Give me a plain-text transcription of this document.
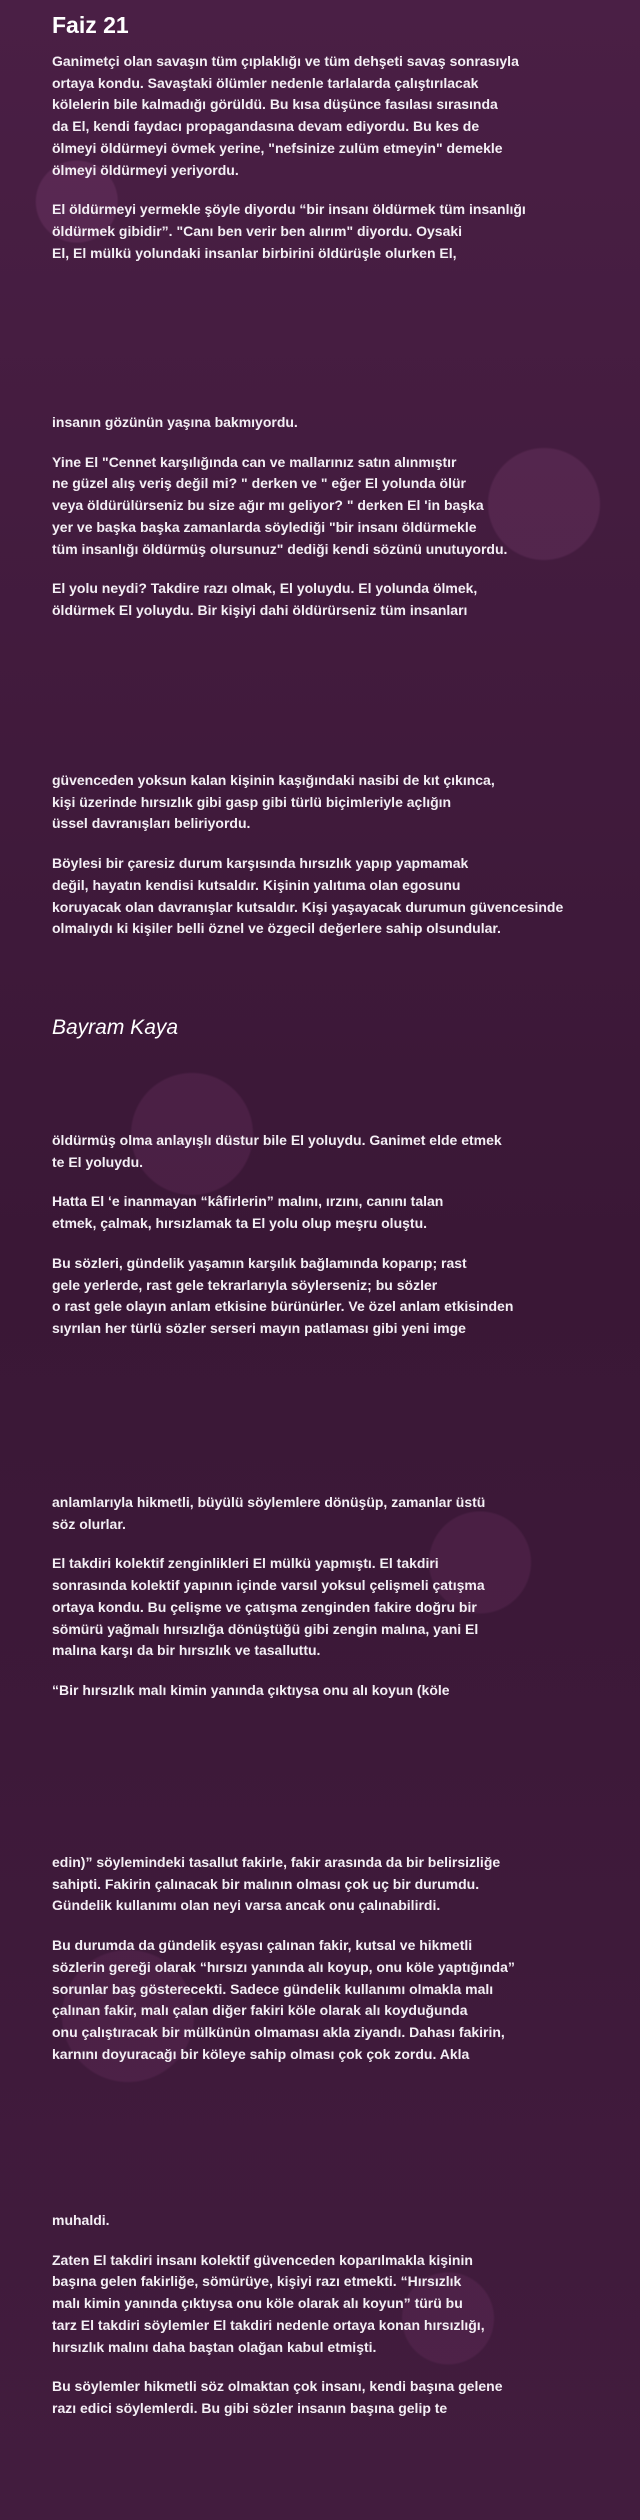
Faiz 21
Ganimetçi olan savaşın tüm çıplaklığı ve tüm dehşeti savaş sonrasıyla
ortaya kondu. Savaştaki ölümler nedenle tarlalarda çalıştırılacak
kölelerin bile kalmadığı görüldü. Bu kısa düşünce fasılası sırasında
da El, kendi faydacı propagandasına devam ediyordu. Bu kes de
ölmeyi öldürmeyi övmek yerine, "nefsinize zulüm etmeyin" demekle
ölmeyi öldürmeyi yeriyordu.
El öldürmeyi yermekle şöyle diyordu “bir insanı öldürmek tüm insanlığı
öldürmek gibidir”. "Canı ben verir ben alırım" diyordu. Oysaki
El, El mülkü yolundaki insanlar birbirini öldürüşle olurken El,
insanın gözünün yaşına bakmıyordu.
Yine El "Cennet karşılığında can ve mallarınız satın alınmıştır
ne güzel alış veriş değil mi? " derken ve " eğer El yolunda ölür
veya öldürülürseniz bu size ağır mı geliyor? " derken El 'in başka
yer ve başka başka zamanlarda söylediği "bir insanı öldürmekle
tüm insanlığı öldürmüş olursunuz" dediği kendi sözünü unutuyordu.
El yolu neydi? Takdire razı olmak, El yoluydu. El yolunda ölmek,
öldürmek El yoluydu. Bir kişiyi dahi öldürürseniz tüm insanları
güvenceden yoksun kalan kişinin kaşığındaki nasibi de kıt çıkınca,
kişi üzerinde hırsızlık gibi gasp gibi türlü biçimleriyle açlığın
üssel davranışları beliriyordu.
Böylesi bir çaresiz durum karşısında hırsızlık yapıp yapmamak
değil, hayatın kendisi kutsaldır. Kişinin yalıtıma olan egosunu
koruyacak olan davranışlar kutsaldır. Kişi yaşayacak durumun güvencesinde
olmalıydı ki kişiler belli öznel ve özgecil değerlere sahip olsundular.
Bayram Kaya
öldürmüş olma anlayışlı düstur bile El yoluydu. Ganimet elde etmek
te El yoluydu.
Hatta El ‘e inanmayan “kâfirlerin” malını, ırzını, canını talan
etmek, çalmak, hırsızlamak ta El yolu olup meşru oluştu.
Bu sözleri, gündelik yaşamın karşılık bağlamında koparıp; rast
gele yerlerde, rast gele tekrarlarıyla söylerseniz; bu sözler
o rast gele olayın anlam etkisine bürünürler. Ve özel anlam etkisinden
sıyrılan her türlü sözler serseri mayın patlaması gibi yeni imge
anlamlarıyla hikmetli, büyülü söylemlere dönüşüp, zamanlar üstü
söz olurlar.
El takdiri kolektif zenginlikleri El mülkü yapmıştı. El takdiri
sonrasında kolektif yapının içinde varsıl yoksul çelişmeli çatışma
ortaya kondu. Bu çelişme ve çatışma zenginden fakire doğru bir
sömürü yağmalı hırsızlığa dönüştüğü gibi zengin malına, yani El
malına karşı da bir hırsızlık ve tasalluttu.
“Bir hırsızlık malı kimin yanında çıktıysa onu alı koyun (köle
edin)” söylemindeki tasallut fakirle, fakir arasında da bir belirsizliğe
sahipti. Fakirin çalınacak bir malının olması çok uç bir durumdu.
Gündelik kullanımı olan neyi varsa ancak onu çalınabilirdi.
Bu durumda da gündelik eşyası çalınan fakir, kutsal ve hikmetli
sözlerin gereği olarak “hırsızı yanında alı koyup, onu köle yaptığında”
sorunlar baş gösterecekti. Sadece gündelik kullanımı olmakla malı
çalınan fakir, malı çalan diğer fakiri köle olarak alı koyduğunda
onu çalıştıracak bir mülkünün olmaması akla ziyandı. Dahası fakirin,
karnını doyuracağı bir köleye sahip olması çok çok zordu. Akla
muhaldi.
Zaten El takdiri insanı kolektif güvenceden koparılmakla kişinin
başına gelen fakirliğe, sömürüye, kişiyi razı etmekti. “Hırsızlık
malı kimin yanında çıktıysa onu köle olarak alı koyun” türü bu
tarz El takdiri söylemler El takdiri nedenle ortaya konan hırsızlığı,
hırsızlık malını daha baştan olağan kabul etmişti.
Bu söylemler hikmetli söz olmaktan çok insanı, kendi başına gelene
razı edici söylemlerdi. Bu gibi sözler insanın başına gelip te
